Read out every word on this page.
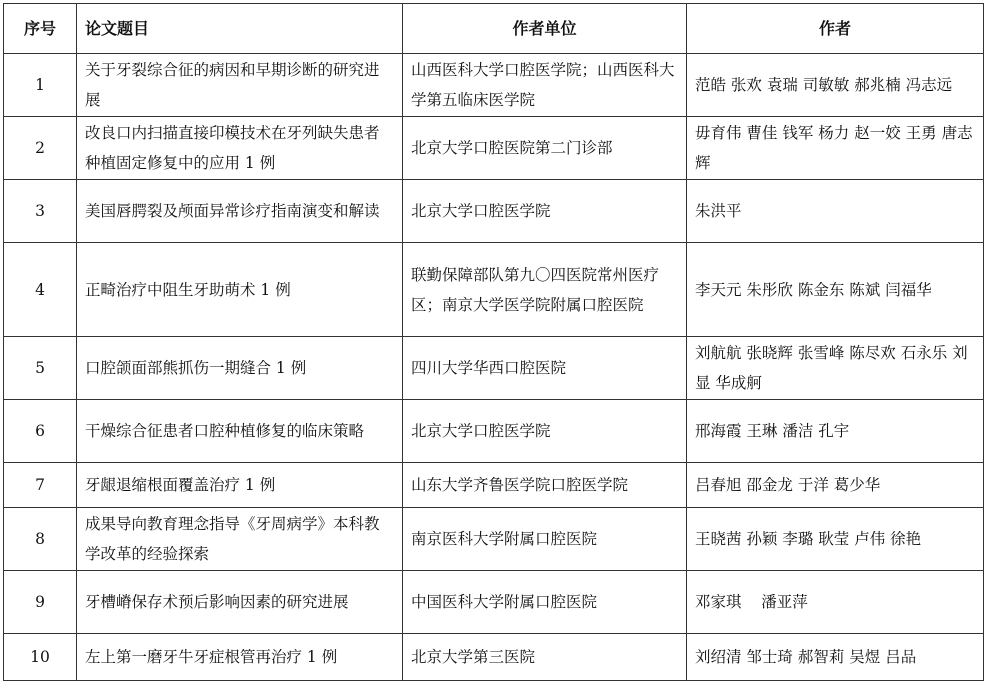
序号	论文题目	作者单位	作者
1	关于牙裂综合征的病因和早期诊断的研究进展	山西医科大学口腔医学院；山西医科大学第五临床医学院	范皓 张欢 袁瑞 司敏敏 郝兆楠 冯志远

2	改良口内扫描直接印模技术在牙列缺失患者种植固定修复中的应用 1 例	北京大学口腔医院第二门诊部	毋育伟 曹佳 钱军 杨力 赵一姣 王勇 唐志辉

3	美国唇腭裂及颅面异常诊疗指南演变和解读	北京大学口腔医学院	朱洪平
4	正畸治疗中阻生牙助萌术 1 例	联勤保障部队第九〇四医院常州医疗区；南京大学医学院附属口腔医院	李天元 朱彤欣 陈金东 陈斌 闫福华

5	口腔颌面部熊抓伤一期缝合 1 例	四川大学华西口腔医院	刘航航 张晓辉 张雪峰 陈尽欢 石永乐 刘显 华成舸

6	干燥综合征患者口腔种植修复的临床策略	北京大学口腔医学院	邢海霞 王琳 潘洁 孔宇
7	牙龈退缩根面覆盖治疗 1 例	山东大学齐鲁医学院口腔医学院	吕春旭 邵金龙 于洋 葛少华
8	成果导向教育理念指导《牙周病学》本科教学改革的经验探索	南京医科大学附属口腔医院	王晓茜 孙颖 李璐 耿莹 卢伟 徐艳

9	牙槽嵴保存术预后影响因素的研究进展	中国医科大学附属口腔医院	邓家琪    潘亚萍
10	左上第一磨牙牛牙症根管再治疗 1 例	北京大学第三医院	刘绍清 邹士琦 郝智莉 吴煜 吕品
